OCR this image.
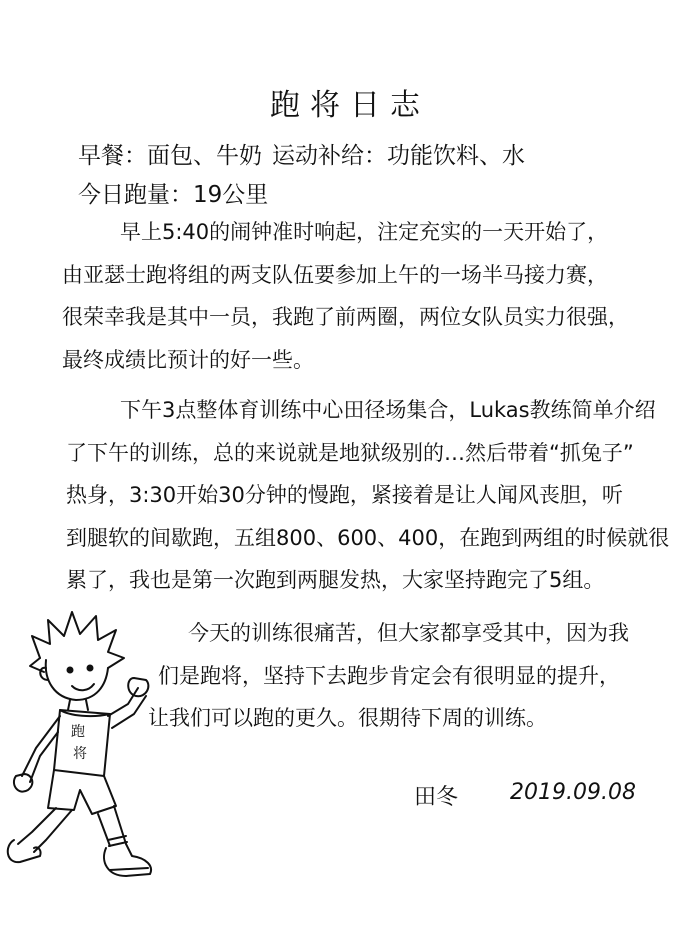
跑将日志
早餐：面包、牛奶 运动补给：功能饮料、水
今日跑量：19公里
早上5:40的闹钟准时响起，注定充实的一天开始了，
由亚瑟士跑将组的两支队伍要参加上午的一场半马接力赛，
很荣幸我是其中一员，我跑了前两圈，两位女队员实力很强，
最终成绩比预计的好一些。
下午3点整体育训练中心田径场集合，Lukas教练简单介绍
了下午的训练，总的来说就是地狱级别的…然后带着“抓兔子”
热身，3:30开始30分钟的慢跑，紧接着是让人闻风丧胆，听
到腿软的间歇跑，五组800、600、400，在跑到两组的时候就很
累了，我也是第一次跑到两腿发热，大家坚持跑完了5组。
今天的训练很痛苦，但大家都享受其中，因为我
们是跑将，坚持下去跑步肯定会有很明显的提升，
让我们可以跑的更久。很期待下周的训练。
田冬 2019.09.08
跑
将
